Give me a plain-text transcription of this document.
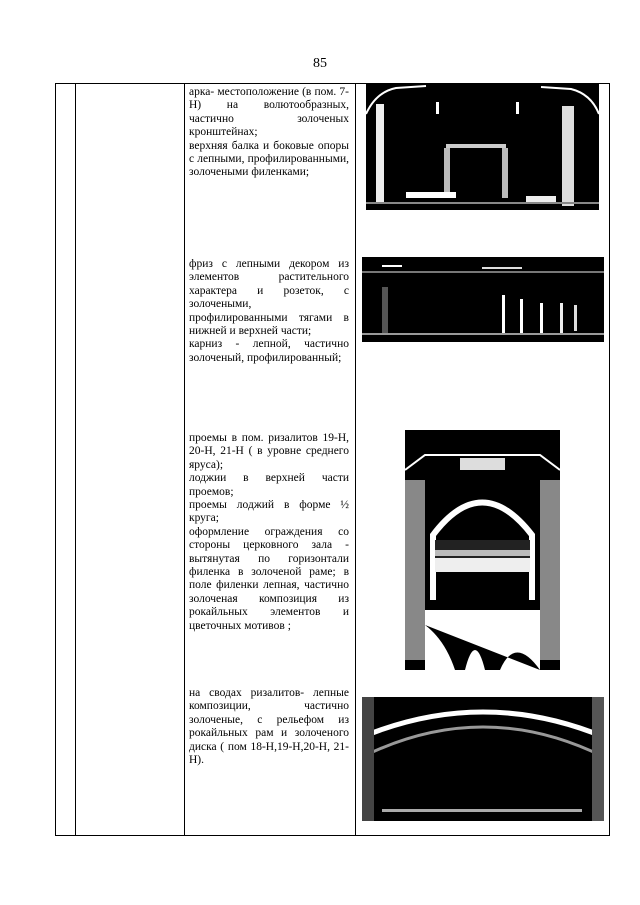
85

арка- местоположение (в пом. 7-Н) на волютообразных, частично золоченых кронштейнах;

верхняя балка и боковые опоры с лепными, профилированными, золочеными филенками;

фриз с лепными декором из элементов растительного характера и розеток, с золочеными, профилированными тягами в нижней и верхней части;

карниз - лепной, частично золоченый, профилированный;

проемы в пом. ризалитов 19-Н, 20-Н, 21-Н ( в уровне среднего яруса);

лоджии в верхней части проемов;

проемы лоджий в форме ½ круга;

оформление ограждения со стороны церковного зала - вытянутая по горизонтали филенка в золоченой раме; в поле филенки лепная, частично золоченая композиция из рокайльных элементов и цветочных мотивов ;

на сводах ризалитов- лепные композиции, частично золоченые, с рельефом из рокайльных рам и золоченого диска ( пом 18-Н,19-Н,20-Н, 21-Н).
